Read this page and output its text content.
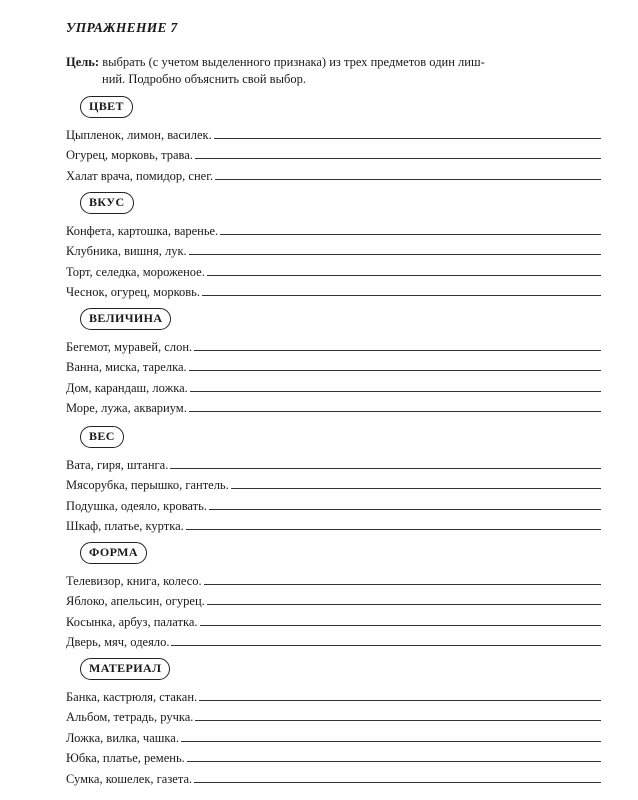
УПРАЖНЕНИЕ 7
Цель: выбрать (с учетом выделенного признака) из трех предметов один лиш-
ний. Подробно объяснить свой выбор.
ЦВЕТ
Цыпленок, лимон, василек.
Огурец, морковь, трава.
Халат врача, помидор, снег.
ВКУС
Конфета, картошка, варенье.
Клубника, вишня, лук.
Торт, селедка, мороженое.
Чеснок, огурец, морковь.
ВЕЛИЧИНА
Бегемот, муравей, слон.
Ванна, миска, тарелка.
Дом, карандаш, ложка.
Море, лужа, аквариум.
ВЕС
Вата, гиря, штанга.
Мясорубка, перышко, гантель.
Подушка, одеяло, кровать.
Шкаф, платье, куртка.
ФОРМА
Телевизор, книга, колесо.
Яблоко, апельсин, огурец.
Косынка, арбуз, палатка.
Дверь, мяч, одеяло.
МАТЕРИАЛ
Банка, кастрюля, стакан.
Альбом, тетрадь, ручка.
Ложка, вилка, чашка.
Юбка, платье, ремень.
Сумка, кошелек, газета.
